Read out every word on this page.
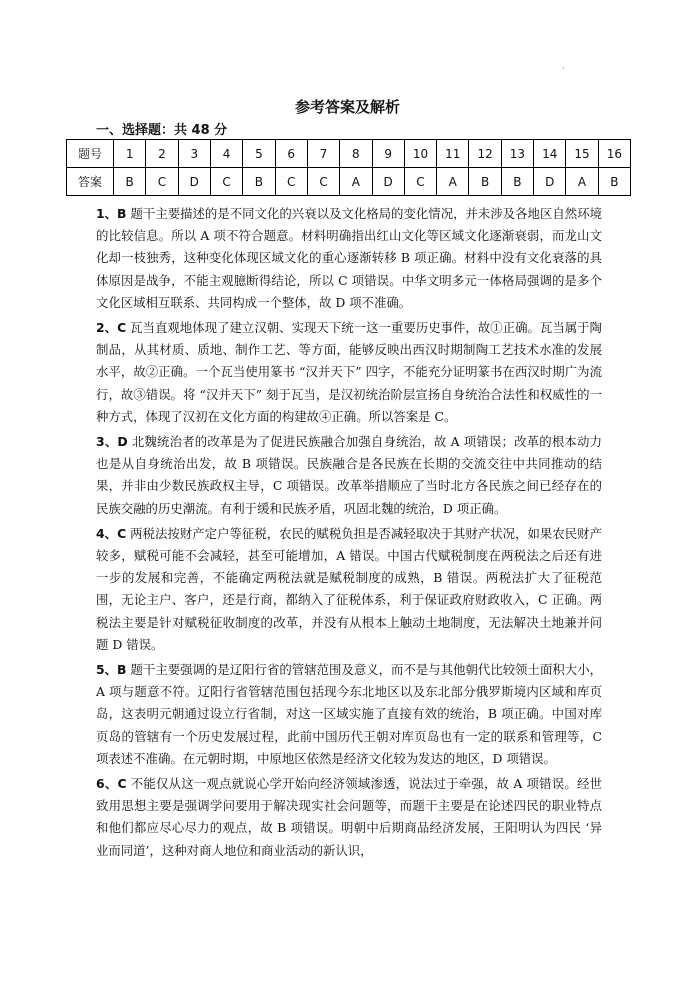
·
参考答案及解析
一、选择题：共 48 分
题号	1	2	3	4	5	6	7	8	9	10	11	12	13	14	15	16
答案	B	C	D	C	B	C	C	A	D	C	A	B	B	D	A	B

1、B 题干主要描述的是不同文化的兴衰以及文化格局的变化情况，并未涉及各地区自然环境的比较信息。所以 A 项不符合题意。材料明确指出红山文化等区域文化逐渐衰弱，而龙山文化却一枝独秀，这种变化体现区域文化的重心逐渐转移 B 项正确。材料中没有文化衰落的具体原因是战争，不能主观臆断得结论，所以 C 项错误。中华文明多元一体格局强调的是多个文化区域相互联系、共同构成一个整体，故 D 项不准确。

2、C 瓦当直观地体现了建立汉朝、实现天下统一这一重要历史事件，故①正确。瓦当属于陶制品，从其材质、质地、制作工艺、等方面，能够反映出西汉时期制陶工艺技术水准的发展水平，故②正确。一个瓦当使用篆书 “汉并天下” 四字，不能充分证明篆书在西汉时期广为流行，故③错误。将 “汉并天下” 刻于瓦当，是汉初统治阶层宣扬自身统治合法性和权威性的一种方式，体现了汉初在文化方面的构建故④正确。所以答案是 C。

3、D 北魏统治者的改革是为了促进民族融合加强自身统治，故 A 项错误；改革的根本动力也是从自身统治出发，故 B 项错误。民族融合是各民族在长期的交流交往中共同推动的结果，并非由少数民族政权主导，C 项错误。改革举措顺应了当时北方各民族之间已经存在的民族交融的历史潮流。有利于缓和民族矛盾，巩固北魏的统治，D 项正确。

4、C 两税法按财产定户等征税，农民的赋税负担是否减轻取决于其财产状况，如果农民财产较多，赋税可能不会减轻，甚至可能增加，A 错误。中国古代赋税制度在两税法之后还有进一步的发展和完善，不能确定两税法就是赋税制度的成熟，B 错误。两税法扩大了征税范围，无论主户、客户，还是行商，都纳入了征税体系，利于保证政府财政收入，C 正确。两税法主要是针对赋税征收制度的改革，并没有从根本上触动土地制度，无法解决土地兼并问题 D 错误。

5、B 题干主要强调的是辽阳行省的管辖范围及意义，而不是与其他朝代比较领土面积大小，A 项与题意不符。辽阳行省管辖范围包括现今东北地区以及东北部分俄罗斯境内区域和库页岛，这表明元朝通过设立行省制，对这一区域实施了直接有效的统治，B 项正确。中国对库页岛的管辖有一个历史发展过程，此前中国历代王朝对库页岛也有一定的联系和管理等，C 项表述不准确。在元朝时期，中原地区依然是经济文化较为发达的地区，D 项错误。

6、C 不能仅从这一观点就说心学开始向经济领域渗透，说法过于牵强，故 A 项错误。经世致用思想主要是强调学问要用于解决现实社会问题等，而题干主要是在论述四民的职业特点和他们都应尽心尽力的观点，故 B 项错误。明朝中后期商品经济发展，王阳明认为四民 ‘异业而同道’，这种对商人地位和商业活动的新认识，
